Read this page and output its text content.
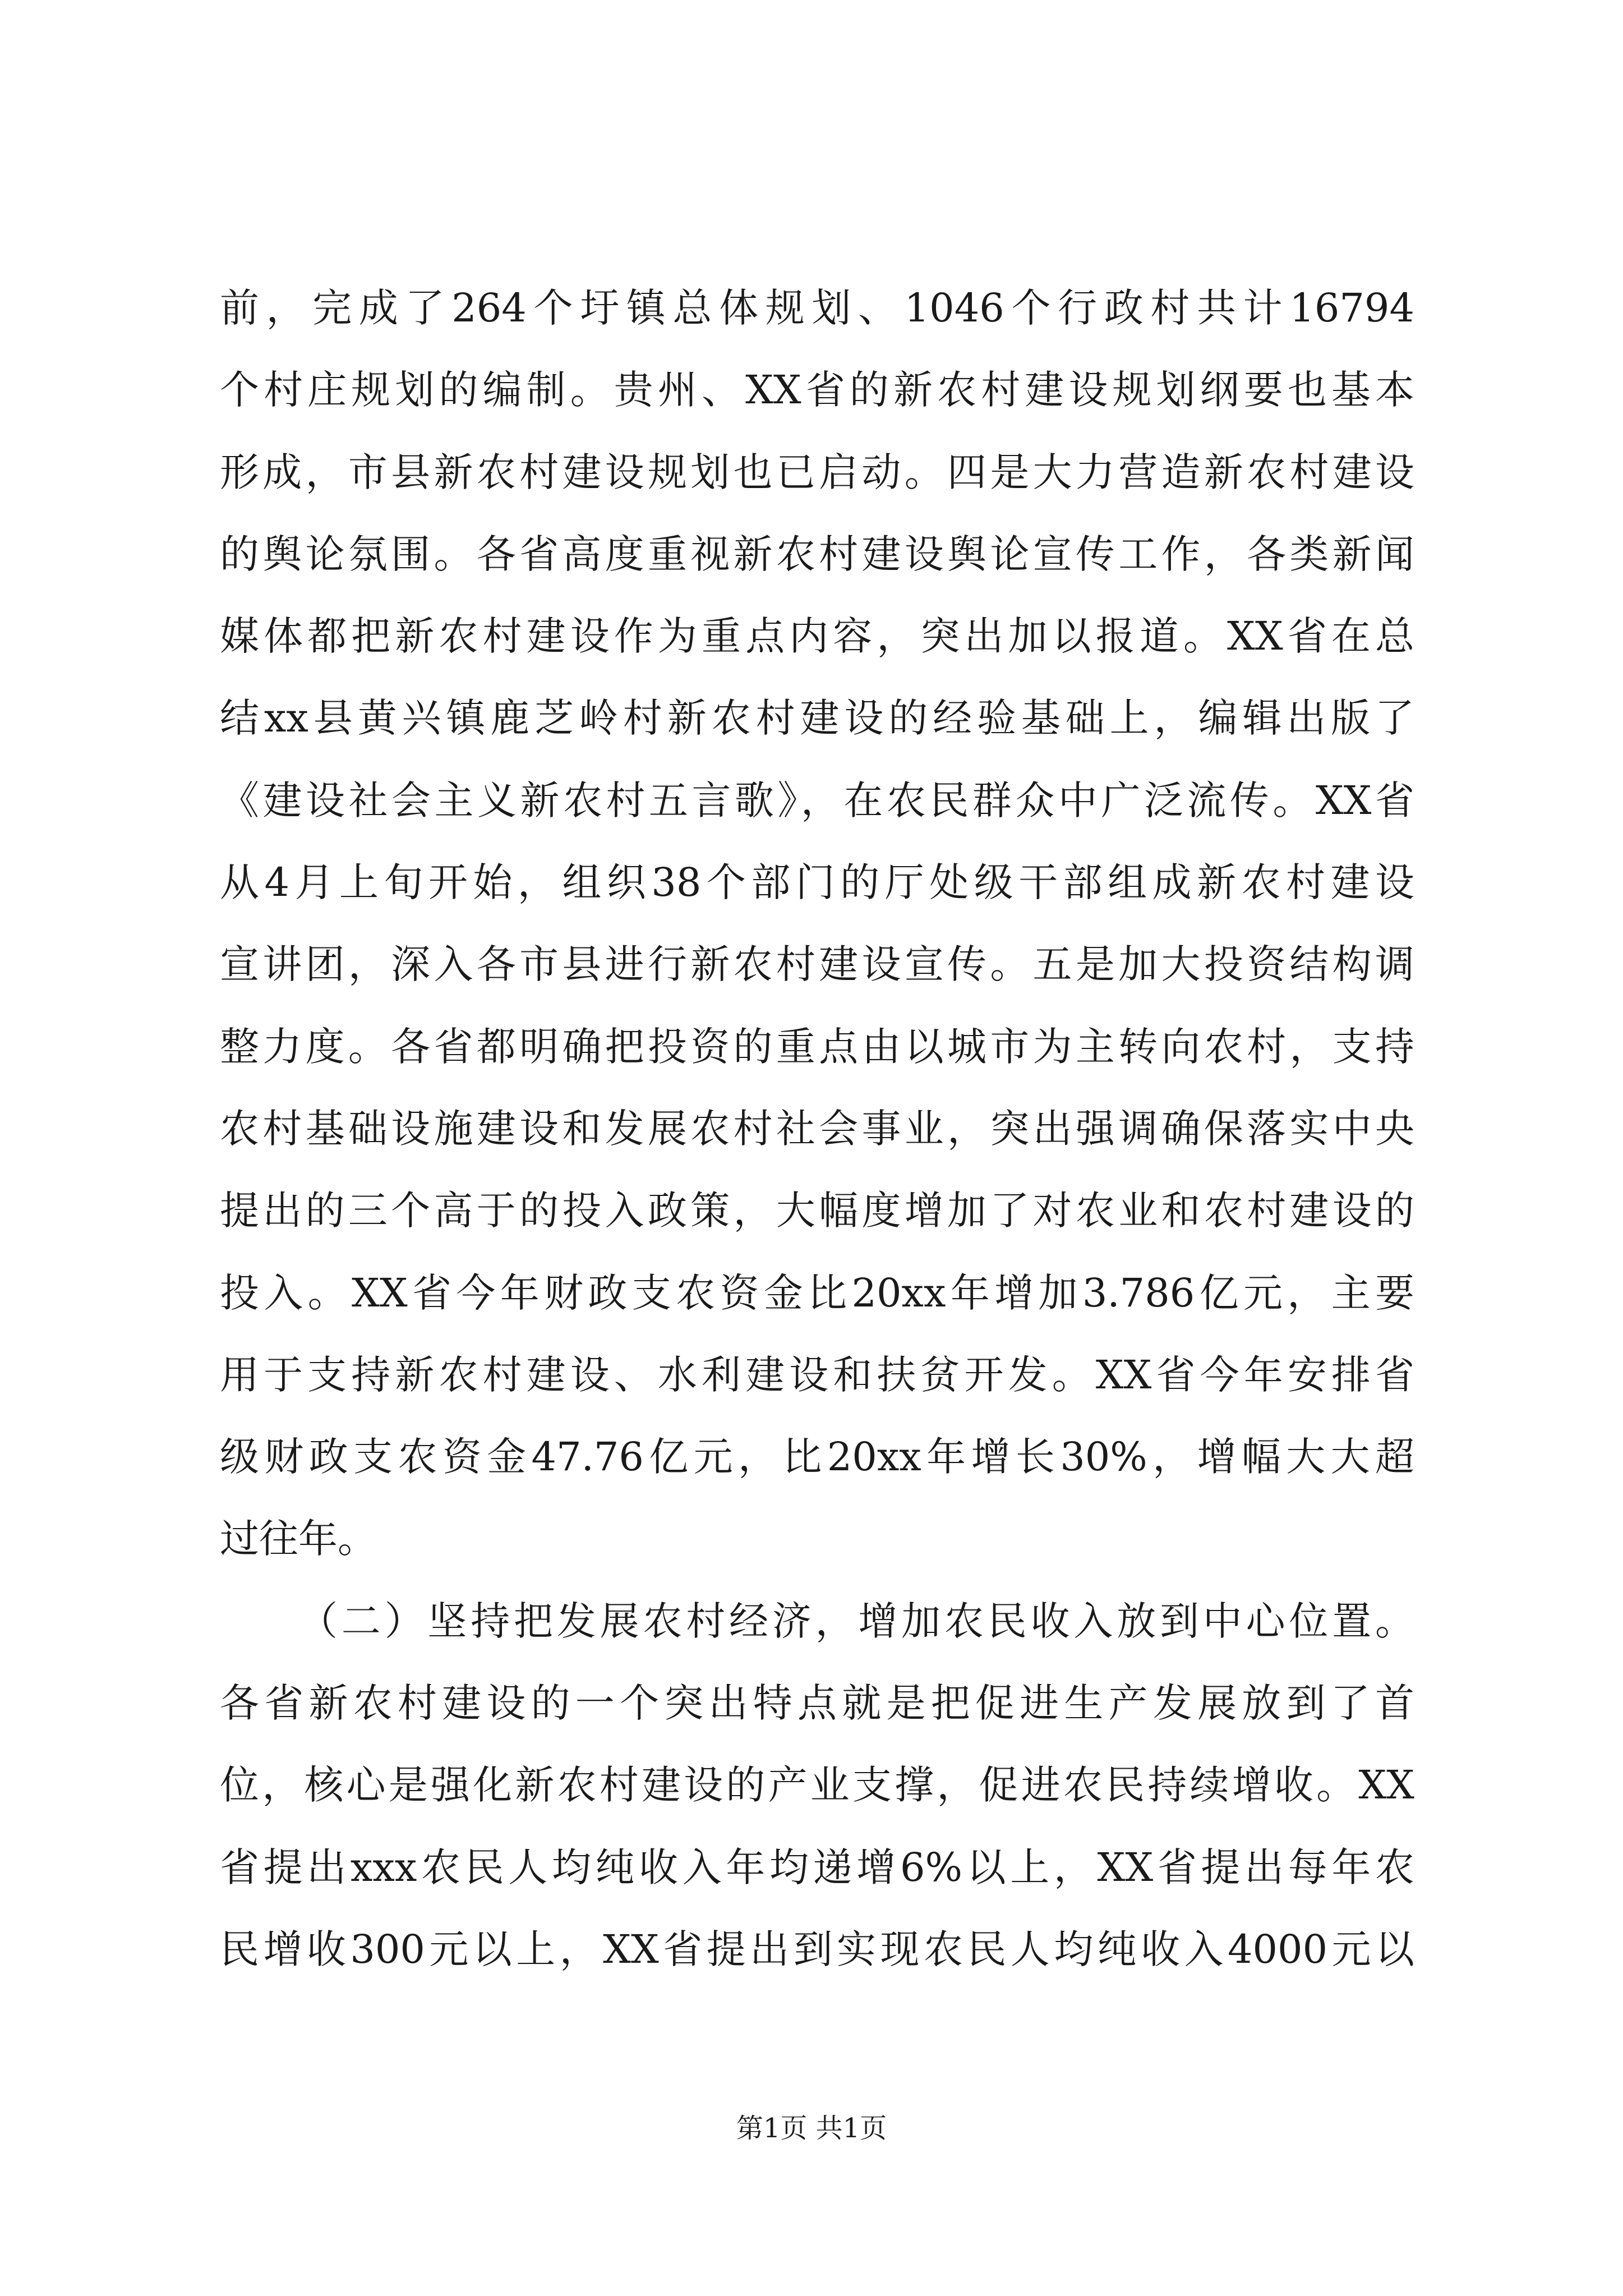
前，完成了264个圩镇总体规划、1046个行政村共计16794
个村庄规划的编制。贵州、XX省的新农村建设规划纲要也基本
形成，市县新农村建设规划也已启动。四是大力营造新农村建设
的舆论氛围。各省高度重视新农村建设舆论宣传工作，各类新闻
媒体都把新农村建设作为重点内容，突出加以报道。XX省在总
结xx县黄兴镇鹿芝岭村新农村建设的经验基础上，编辑出版了
《建设社会主义新农村五言歌》，在农民群众中广泛流传。XX省
从4月上旬开始，组织38个部门的厅处级干部组成新农村建设
宣讲团，深入各市县进行新农村建设宣传。五是加大投资结构调
整力度。各省都明确把投资的重点由以城市为主转向农村，支持
农村基础设施建设和发展农村社会事业，突出强调确保落实中央
提出的三个高于的投入政策，大幅度增加了对农业和农村建设的
投入。XX省今年财政支农资金比20xx年增加3.786亿元，主要
用于支持新农村建设、水利建设和扶贫开发。XX省今年安排省
级财政支农资金47.76亿元，比20xx年增长30%，增幅大大超
过往年。
（二）坚持把发展农村经济，增加农民收入放到中心位置。
各省新农村建设的一个突出特点就是把促进生产发展放到了首
位，核心是强化新农村建设的产业支撑，促进农民持续增收。XX
省提出xxx农民人均纯收入年均递增6%以上，XX省提出每年农
民增收300元以上，XX省提出到实现农民人均纯收入4000元以
第1页 共1页
